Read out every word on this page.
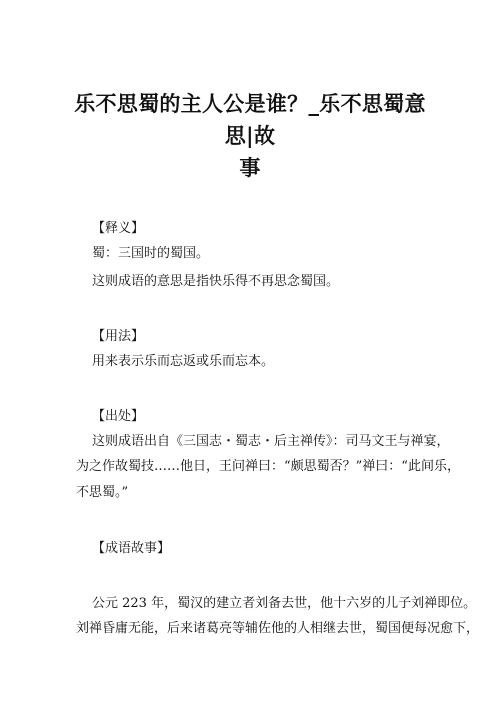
乐不思蜀的主人公是谁？_乐不思蜀意思|故
事
【释义】
蜀：三国时的蜀国。
这则成语的意思是指快乐得不再思念蜀国。
【用法】
用来表示乐而忘返或乐而忘本。
【出处】
这则成语出自《三国志・蜀志・后主禅传》：司马文王与禅宴，
为之作故蜀技……他日，王问禅曰：“颇思蜀否？”禅曰：“此间乐，
不思蜀。”
【成语故事】
公元 223 年，蜀汉的建立者刘备去世，他十六岁的儿子刘禅即位。
刘禅昏庸无能，后来诸葛亮等辅佐他的人相继去世，蜀国便每况愈下，
